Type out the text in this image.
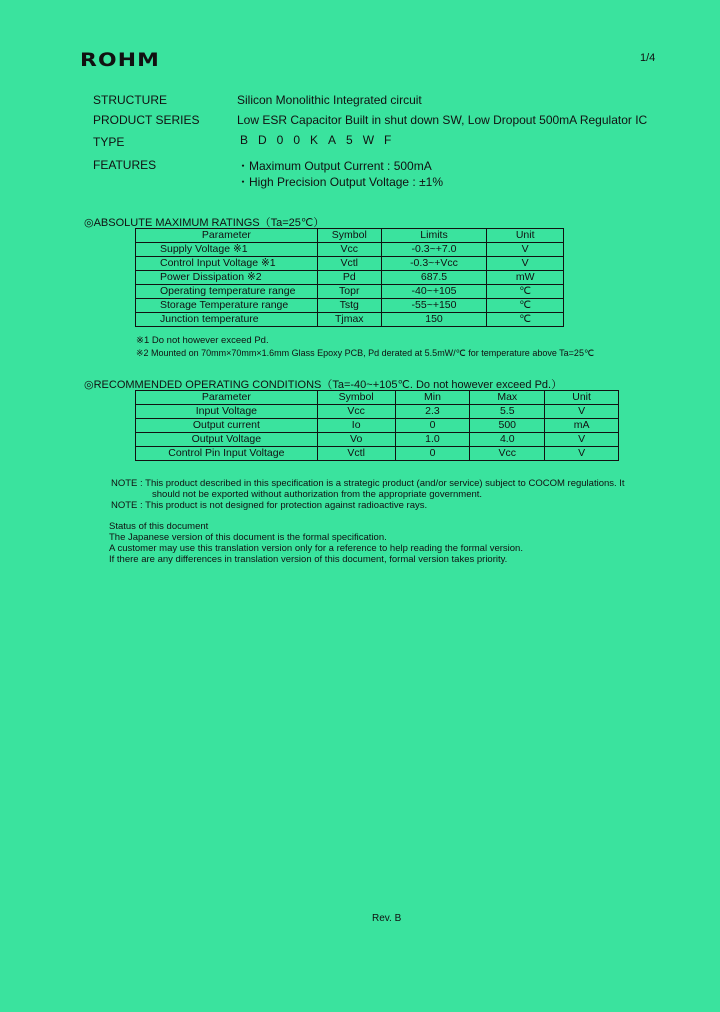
ROHM	1/4
STRUCTURE	Silicon Monolithic Integrated circuit
PRODUCT SERIES	Low ESR Capacitor Built in shut down SW, Low Dropout 500mA Regulator IC
TYPE	BD00KA5WF
FEATURES	・Maximum Output Current : 500mA
・High Precision Output Voltage : ±1%
◎ABSOLUTE MAXIMUM RATINGS（Ta=25℃）
Parameter	Symbol	Limits	Unit
Supply Voltage ※1	Vcc	-0.3~+7.0	V
Control Input Voltage ※1	Vctl	-0.3~+Vcc	V
Power Dissipation ※2	Pd	687.5	mW
Operating temperature range	Topr	-40~+105	℃
Storage Temperature range	Tstg	-55~+150	℃
Junction temperature	Tjmax	150	℃
※1 Do not however exceed Pd.
※2 Mounted on 70mm×70mm×1.6mm Glass Epoxy PCB, Pd derated at 5.5mW/℃ for temperature above Ta=25℃
◎RECOMMENDED OPERATING CONDITIONS（Ta=-40~+105℃. Do not however exceed Pd.）
Parameter	Symbol	Min	Max	Unit
Input Voltage	Vcc	2.3	5.5	V
Output current	Io	0	500	mA
Output Voltage	Vo	1.0	4.0	V
Control Pin Input Voltage	Vctl	0	Vcc	V
NOTE : This product described in this specification is a strategic product (and/or service) subject to COCOM regulations. It
should not be exported without authorization from the appropriate government.
NOTE : This product is not designed for protection against radioactive rays.
Status of this document
The Japanese version of this document is the formal specification.
A customer may use this translation version only for a reference to help reading the formal version.
If there are any differences in translation version of this document, formal version takes priority.
Rev. B
